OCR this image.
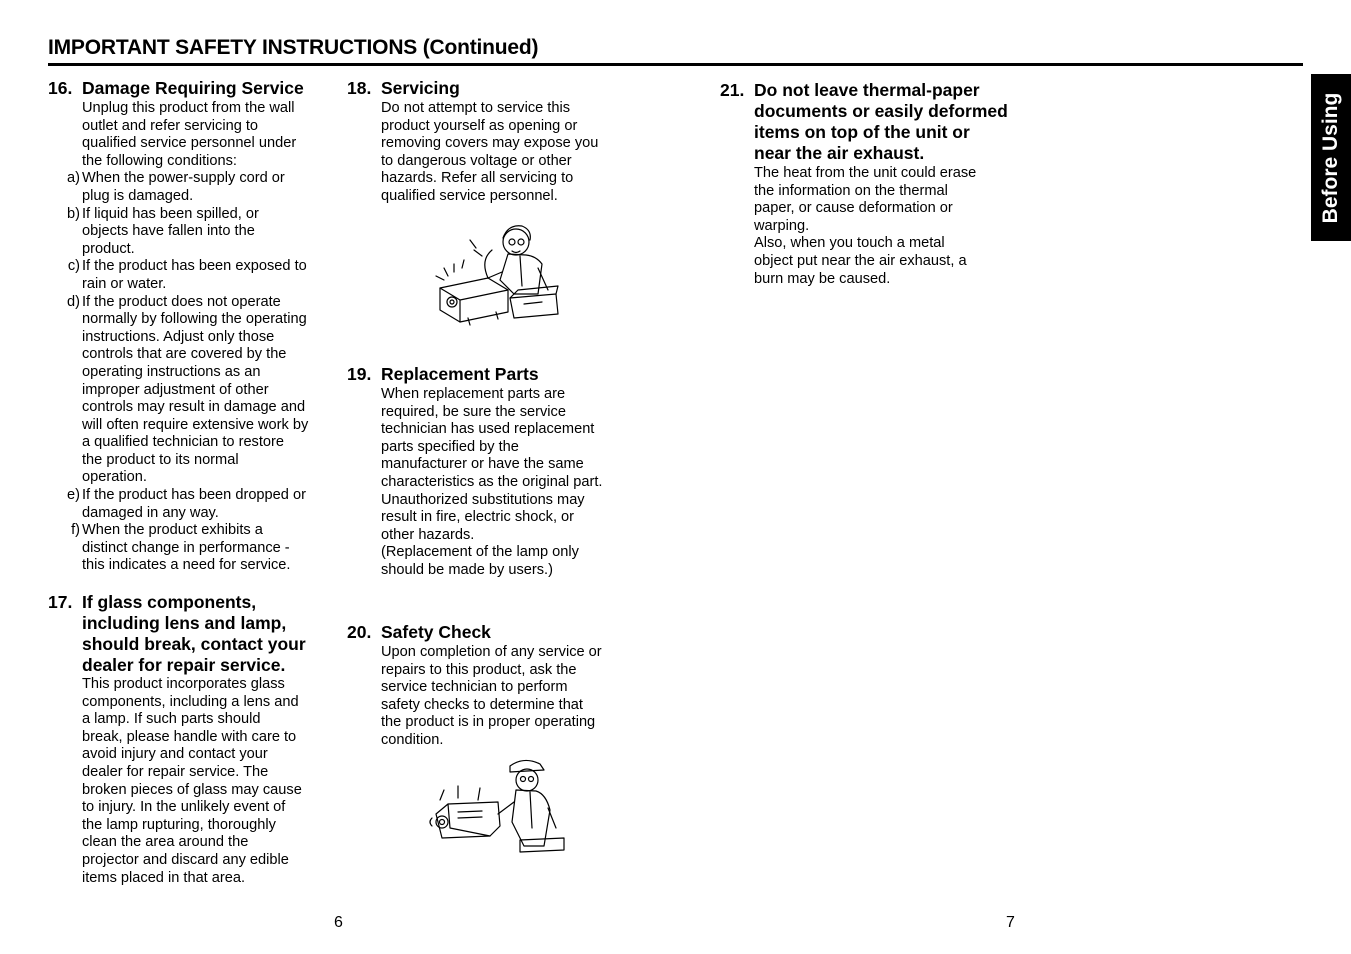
IMPORTANT SAFETY INSTRUCTIONS (Continued)
Before Using
16. Damage Requiring Service
Unplug this product from the wall
outlet and refer servicing to
qualified service personnel under
the following conditions:
a) When the power-supply cord or
plug is damaged.
b) If liquid has been spilled, or
objects have fallen into the
product.
c) If the product has been exposed to
rain or water.
d) If the product does not operate
normally by following the operating
instructions. Adjust only those
controls that are covered by the
operating instructions as an
improper adjustment of other
controls may result in damage and
will often require extensive work by
a qualified technician to restore
the product to its normal
operation.
e) If the product has been dropped or
damaged in any way.
f) When the product exhibits a
distinct change in performance -
this indicates a need for service.
17. If glass components, including lens and lamp, should break, contact your dealer for repair service.
This product incorporates glass
components, including a lens and
a lamp. If such parts should
break, please handle with care to
avoid injury and contact your
dealer for repair service. The
broken pieces of glass may cause
to injury. In the unlikely event of
the lamp rupturing, thoroughly
clean the area around the
projector and discard any edible
items placed in that area.
18. Servicing
Do not attempt to service this
product yourself as opening or
removing covers may expose you
to dangerous voltage or other
hazards. Refer all servicing to
qualified service personnel.
19. Replacement Parts
When replacement parts are
required, be sure the service
technician has used replacement
parts specified by the
manufacturer or have the same
characteristics as the original part.
Unauthorized substitutions may
result in fire, electric shock, or
other hazards.
(Replacement of the lamp only
should be made by users.)
20. Safety Check
Upon completion of any service or
repairs to this product, ask the
service technician to perform
safety checks to determine that
the product is in proper operating
condition.
21. Do not leave thermal-paper documents or easily deformed items on top of the unit or near the air exhaust.
The heat from the unit could erase
the information on the thermal
paper, or cause deformation or
warping.
Also, when you touch a metal
object put near the air exhaust, a
burn may be caused.
6	7
